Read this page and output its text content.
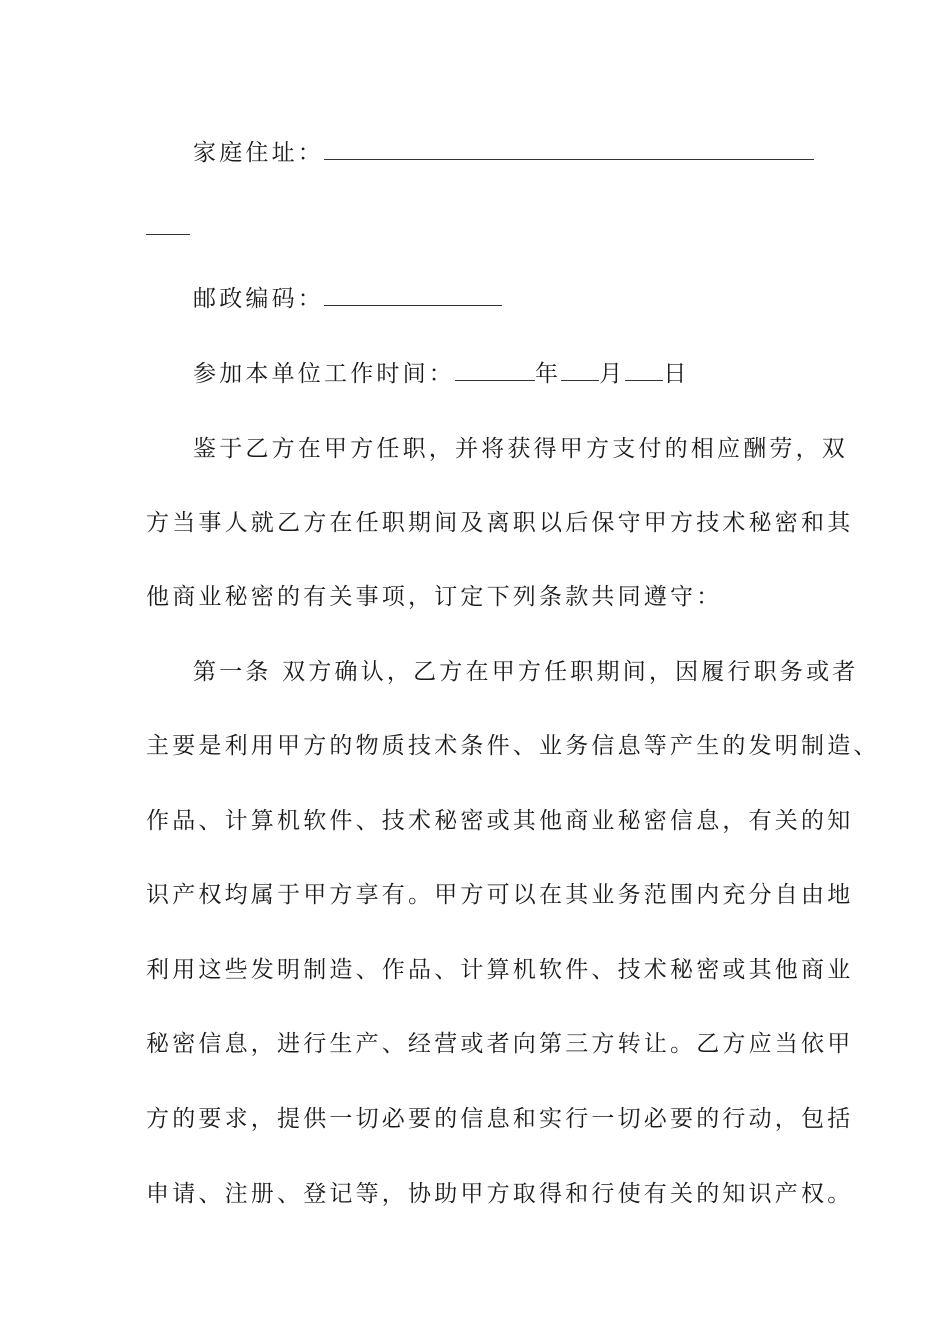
家庭住址：
邮政编码：
参加本单位工作时间：	年 月 日
鉴于乙方在甲方任职，并将获得甲方支付的相应酬劳，双
方当事人就乙方在任职期间及离职以后保守甲方技术秘密和其
他商业秘密的有关事项，订定下列条款共同遵守：
第一条 双方确认，乙方在甲方任职期间，因履行职务或者
主要是利用甲方的物质技术条件、业务信息等产生的发明制造、
作品、计算机软件、技术秘密或其他商业秘密信息，有关的知
识产权均属于甲方享有。甲方可以在其业务范围内充分自由地
利用这些发明制造、作品、计算机软件、技术秘密或其他商业
秘密信息，进行生产、经营或者向第三方转让。乙方应当依甲
方的要求，提供一切必要的信息和实行一切必要的行动，包括
申请、注册、登记等，协助甲方取得和行使有关的知识产权。
